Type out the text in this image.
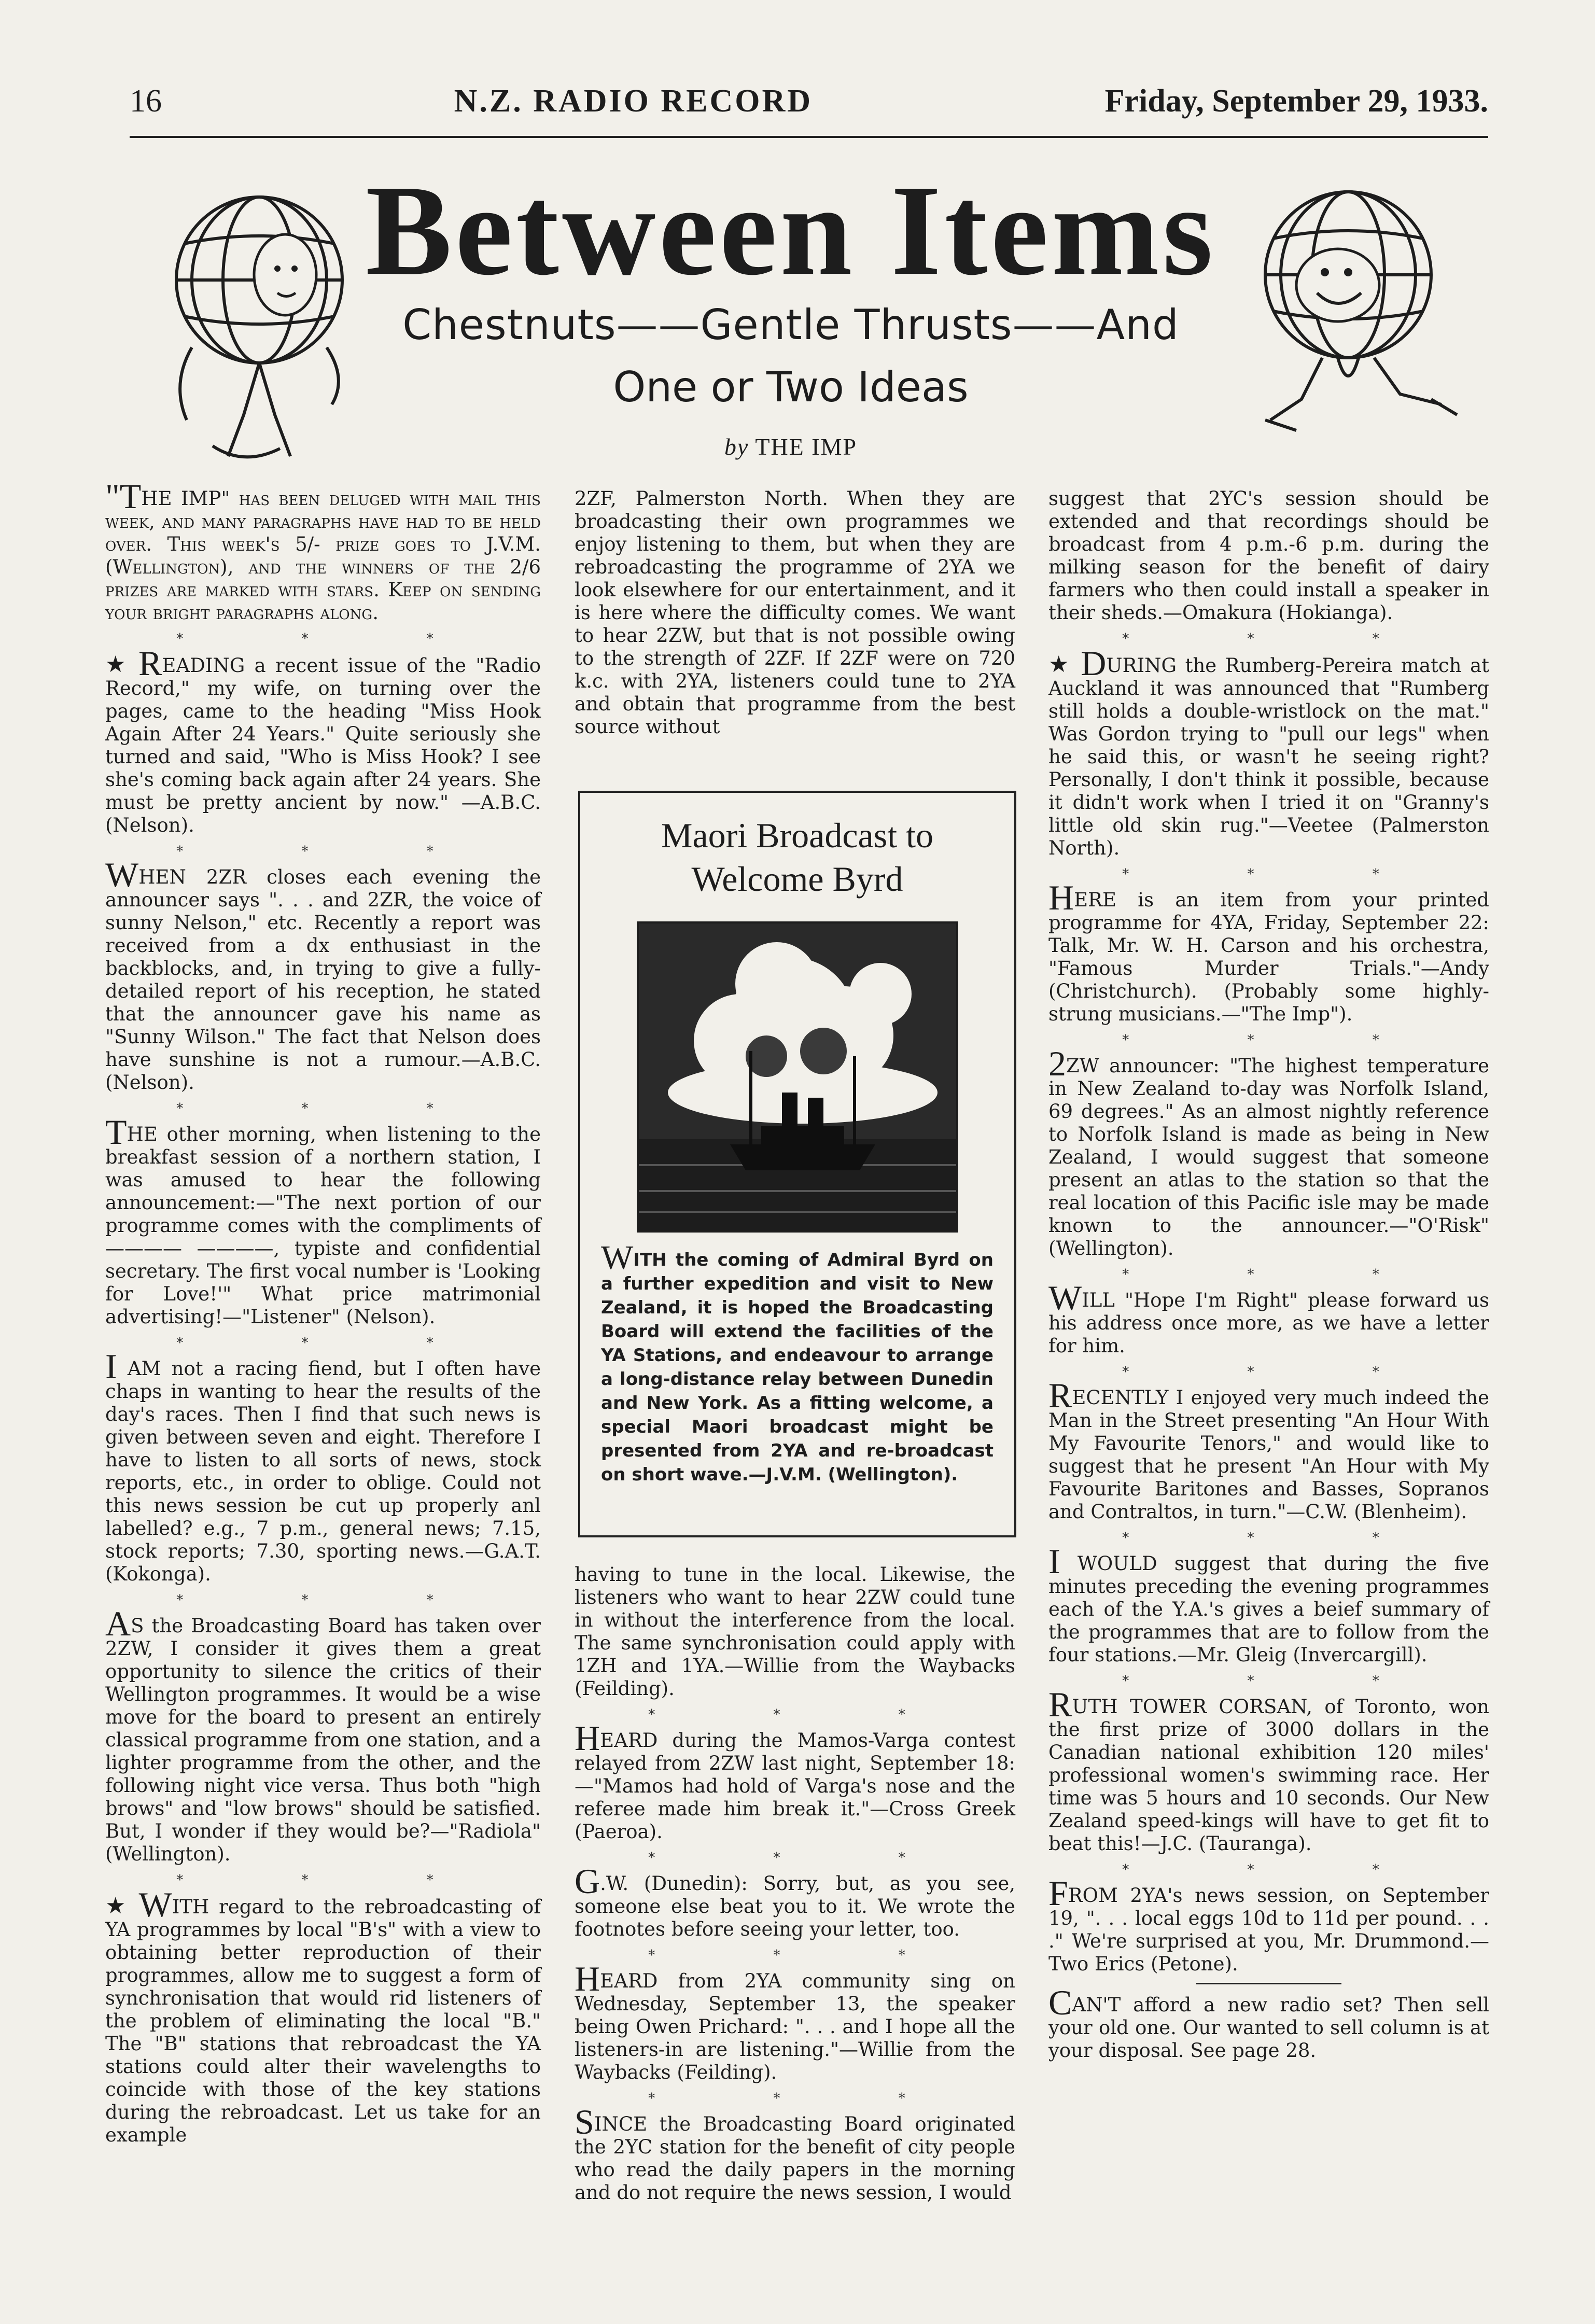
16	N.Z. RADIO RECORD	Friday, September 29, 1933.
Between Items
Chestnuts——Gentle Thrusts——And
One or Two Ideas
by THE IMP

"THE IMP" has been deluged with mail this week, and many paragraphs have had to be held over. This week's 5/- prize goes to J.V.M. (Wellington), and the winners of the 2/6 prizes are marked with stars. Keep on sending your bright paragraphs along.

* * *

★ READING a recent issue of the "Radio Record," my wife, on turning over the pages, came to the heading "Miss Hook Again After 24 Years." Quite seriously she turned and said, "Who is Miss Hook? I see she's coming back again after 24 years. She must be pretty ancient by now." —A.B.C. (Nelson).

* * *

WHEN 2ZR closes each evening the announcer says ". . . and 2ZR, the voice of sunny Nelson," etc. Recently a report was received from a dx enthusiast in the backblocks, and, in trying to give a fully-detailed report of his reception, he stated that the announcer gave his name as "Sunny Wilson." The fact that Nelson does have sunshine is not a rumour.—A.B.C. (Nelson).

* * *

THE other morning, when listening to the breakfast session of a northern station, I was amused to hear the following announcement:—"The next portion of our programme comes with the compliments of ———— ————, typiste and confidential secretary. The first vocal number is 'Looking for Love!'" What price matrimonial advertising!—"Listener" (Nelson).

* * *

I AM not a racing fiend, but I often have chaps in wanting to hear the results of the day's races. Then I find that such news is given between seven and eight. Therefore I have to listen to all sorts of news, stock reports, etc., in order to oblige. Could not this news session be cut up properly anl labelled? e.g., 7 p.m., general news; 7.15, stock reports; 7.30, sporting news.—G.A.T. (Kokonga).

* * *

AS the Broadcasting Board has taken over 2ZW, I consider it gives them a great opportunity to silence the critics of their Wellington programmes. It would be a wise move for the board to present an entirely classical programme from one station, and a lighter programme from the other, and the following night vice versa. Thus both "high brows" and "low brows" should be satisfied. But, I wonder if they would be?—"Radiola" (Wellington).

* * *

★ WITH regard to the rebroadcasting of YA programmes by local "B's" with a view to obtaining better reproduction of their programmes, allow me to suggest a form of synchronisation that would rid listeners of the problem of eliminating the local "B." The "B" stations that rebroadcast the YA stations could alter their wavelengths to coincide with those of the key stations during the rebroadcast. Let us take for an example

2ZF, Palmerston North. When they are broadcasting their own programmes we enjoy listening to them, but when they are rebroadcasting the programme of 2YA we look elsewhere for our entertainment, and it is here where the difficulty comes. We want to hear 2ZW, but that is not possible owing to the strength of 2ZF. If 2ZF were on 720 k.c. with 2YA, listeners could tune to 2YA and obtain that programme from the best source without

Maori Broadcast to
Welcome Byrd
WITH the coming of Admiral Byrd on a further expedition and visit to New Zealand, it is hoped the Broadcasting Board will extend the facilities of the YA Stations, and endeavour to arrange a long-distance relay between Dunedin and New York. As a fitting welcome, a special Maori broadcast might be presented from 2YA and re-broadcast on short wave.—J.V.M. (Wellington).

having to tune in the local. Likewise, the listeners who want to hear 2ZW could tune in without the interference from the local. The same synchronisation could apply with 1ZH and 1YA.—Willie from the Waybacks (Feilding).

* * *

HEARD during the Mamos-Varga contest relayed from 2ZW last night, September 18:—"Mamos had hold of Varga's nose and the referee made him break it."—Cross Greek (Paeroa).

* * *

G.W. (Dunedin): Sorry, but, as you see, someone else beat you to it. We wrote the footnotes before seeing your letter, too.

* * *

HEARD from 2YA community sing on Wednesday, September 13, the speaker being Owen Prichard: ". . . and I hope all the listeners-in are listening."—Willie from the Waybacks (Feilding).

* * *

SINCE the Broadcasting Board originated the 2YC station for the benefit of city people who read the daily papers in the morning and do not require the news session, I would

suggest that 2YC's session should be extended and that recordings should be broadcast from 4 p.m.-6 p.m. during the milking season for the benefit of dairy farmers who then could install a speaker in their sheds.—Omakura (Hokianga).

* * *

★ DURING the Rumberg-Pereira match at Auckland it was announced that "Rumberg still holds a double-wristlock on the mat." Was Gordon trying to "pull our legs" when he said this, or wasn't he seeing right? Personally, I don't think it possible, because it didn't work when I tried it on "Granny's little old skin rug."—Veetee (Palmerston North).

* * *

HERE is an item from your printed programme for 4YA, Friday, September 22: Talk, Mr. W. H. Carson and his orchestra, "Famous Murder Trials."—Andy (Christchurch). (Probably some highly-strung musicians.—"The Imp").

* * *

2ZW announcer: "The highest temperature in New Zealand to-day was Norfolk Island, 69 degrees." As an almost nightly reference to Norfolk Island is made as being in New Zealand, I would suggest that someone present an atlas to the station so that the real location of this Pacific isle may be made known to the announcer.—"O'Risk" (Wellington).

* * *

WILL "Hope I'm Right" please forward us his address once more, as we have a letter for him.

* * *

RECENTLY I enjoyed very much indeed the Man in the Street presenting "An Hour With My Favourite Tenors," and would like to suggest that he present "An Hour with My Favourite Baritones and Basses, Sopranos and Contraltos, in turn."—C.W. (Blenheim).

* * *

I WOULD suggest that during the five minutes preceding the evening programmes each of the Y.A.'s gives a beief summary of the programmes that are to follow from the four stations.—Mr. Gleig (Invercargill).

* * *

RUTH TOWER CORSAN, of Toronto, won the first prize of 3000 dollars in the Canadian national exhibition 120 miles' professional women's swimming race. Her time was 5 hours and 10 seconds. Our New Zealand speed-kings will have to get fit to beat this!—J.C. (Tauranga).

* * *

FROM 2YA's news session, on September 19, ". . . local eggs 10d to 11d per pound. . . ." We're surprised at you, Mr. Drummond.—Two Erics (Petone).

CAN'T afford a new radio set? Then sell your old one. Our wanted to sell column is at your disposal. See page 28.
